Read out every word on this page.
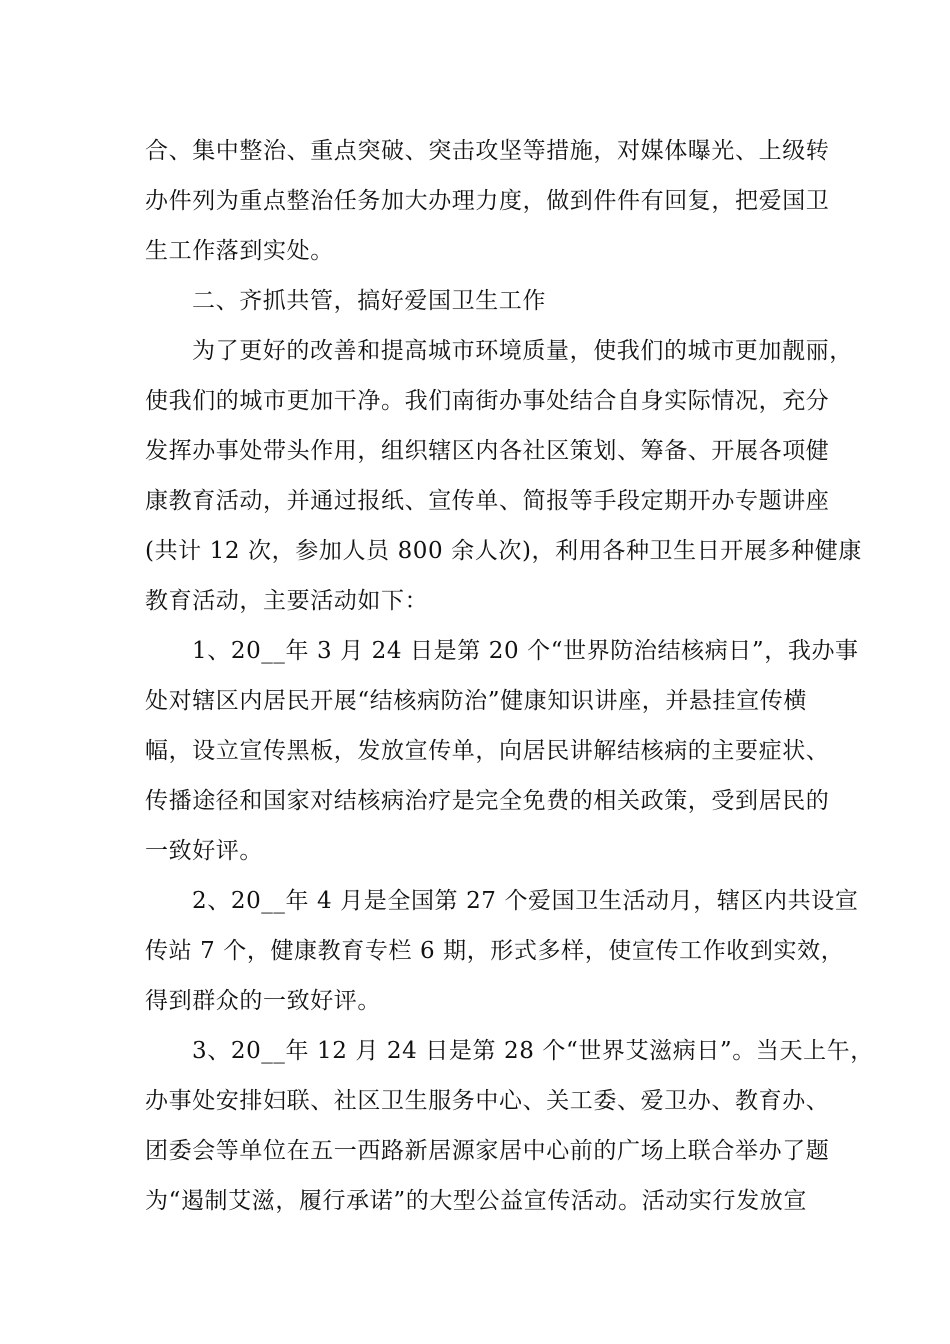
合、集中整治、重点突破、突击攻坚等措施，对媒体曝光、上级转
办件列为重点整治任务加大办理力度，做到件件有回复，把爱国卫
生工作落到实处。
二、齐抓共管，搞好爱国卫生工作
为了更好的改善和提高城市环境质量，使我们的城市更加靓丽，
使我们的城市更加干净。我们南街办事处结合自身实际情况，充分
发挥办事处带头作用，组织辖区内各社区策划、筹备、开展各项健
康教育活动，并通过报纸、宣传单、简报等手段定期开办专题讲座
(共计 12 次，参加人员 800 余人次)，利用各种卫生日开展多种健康
教育活动，主要活动如下：
1、20__年 3 月 24 日是第 20 个“世界防治结核病日”，我办事
处对辖区内居民开展“结核病防治”健康知识讲座，并悬挂宣传横
幅，设立宣传黑板，发放宣传单，向居民讲解结核病的主要症状、
传播途径和国家对结核病治疗是完全免费的相关政策，受到居民的
一致好评。
2、20__年 4 月是全国第 27 个爱国卫生活动月，辖区内共设宣
传站 7 个，健康教育专栏 6 期，形式多样，使宣传工作收到实效，
得到群众的一致好评。
3、20__年 12 月 24 日是第 28 个“世界艾滋病日”。当天上午，
办事处安排妇联、社区卫生服务中心、关工委、爱卫办、教育办、
团委会等单位在五一西路新居源家居中心前的广场上联合举办了题
为“遏制艾滋，履行承诺”的大型公益宣传活动。活动实行发放宣
